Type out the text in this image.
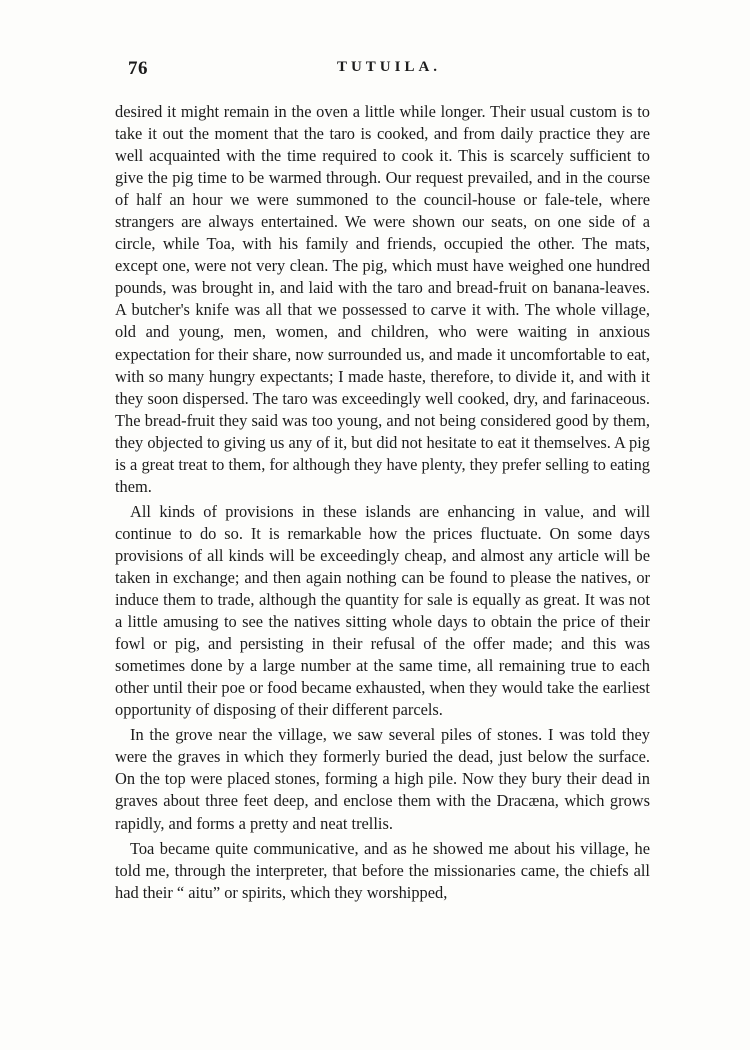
76	TUTUILA.

desired it might remain in the oven a little while longer. Their usual custom is to take it out the moment that the taro is cooked, and from daily practice they are well acquainted with the time required to cook it. This is scarcely sufficient to give the pig time to be warmed through. Our request prevailed, and in the course of half an hour we were summoned to the council-house or fale-tele, where strangers are always entertained. We were shown our seats, on one side of a circle, while Toa, with his family and friends, occupied the other. The mats, except one, were not very clean. The pig, which must have weighed one hundred pounds, was brought in, and laid with the taro and bread-fruit on banana-leaves. A butcher's knife was all that we possessed to carve it with. The whole village, old and young, men, women, and children, who were waiting in anxious expectation for their share, now surrounded us, and made it uncomfortable to eat, with so many hungry expectants; I made haste, therefore, to divide it, and with it they soon dispersed. The taro was exceedingly well cooked, dry, and farinaceous. The bread-fruit they said was too young, and not being considered good by them, they objected to giving us any of it, but did not hesitate to eat it themselves. A pig is a great treat to them, for although they have plenty, they prefer selling to eating them.

All kinds of provisions in these islands are enhancing in value, and will continue to do so. It is remarkable how the prices fluctuate. On some days provisions of all kinds will be exceedingly cheap, and almost any article will be taken in exchange; and then again nothing can be found to please the natives, or induce them to trade, although the quantity for sale is equally as great. It was not a little amusing to see the natives sitting whole days to obtain the price of their fowl or pig, and persisting in their refusal of the offer made; and this was sometimes done by a large number at the same time, all remaining true to each other until their poe or food became exhausted, when they would take the earliest opportunity of disposing of their different parcels.

In the grove near the village, we saw several piles of stones. I was told they were the graves in which they formerly buried the dead, just below the surface. On the top were placed stones, forming a high pile. Now they bury their dead in graves about three feet deep, and enclose them with the Dracæna, which grows rapidly, and forms a pretty and neat trellis.

Toa became quite communicative, and as he showed me about his village, he told me, through the interpreter, that before the missionaries came, the chiefs all had their “ aitu” or spirits, which they worshipped,
